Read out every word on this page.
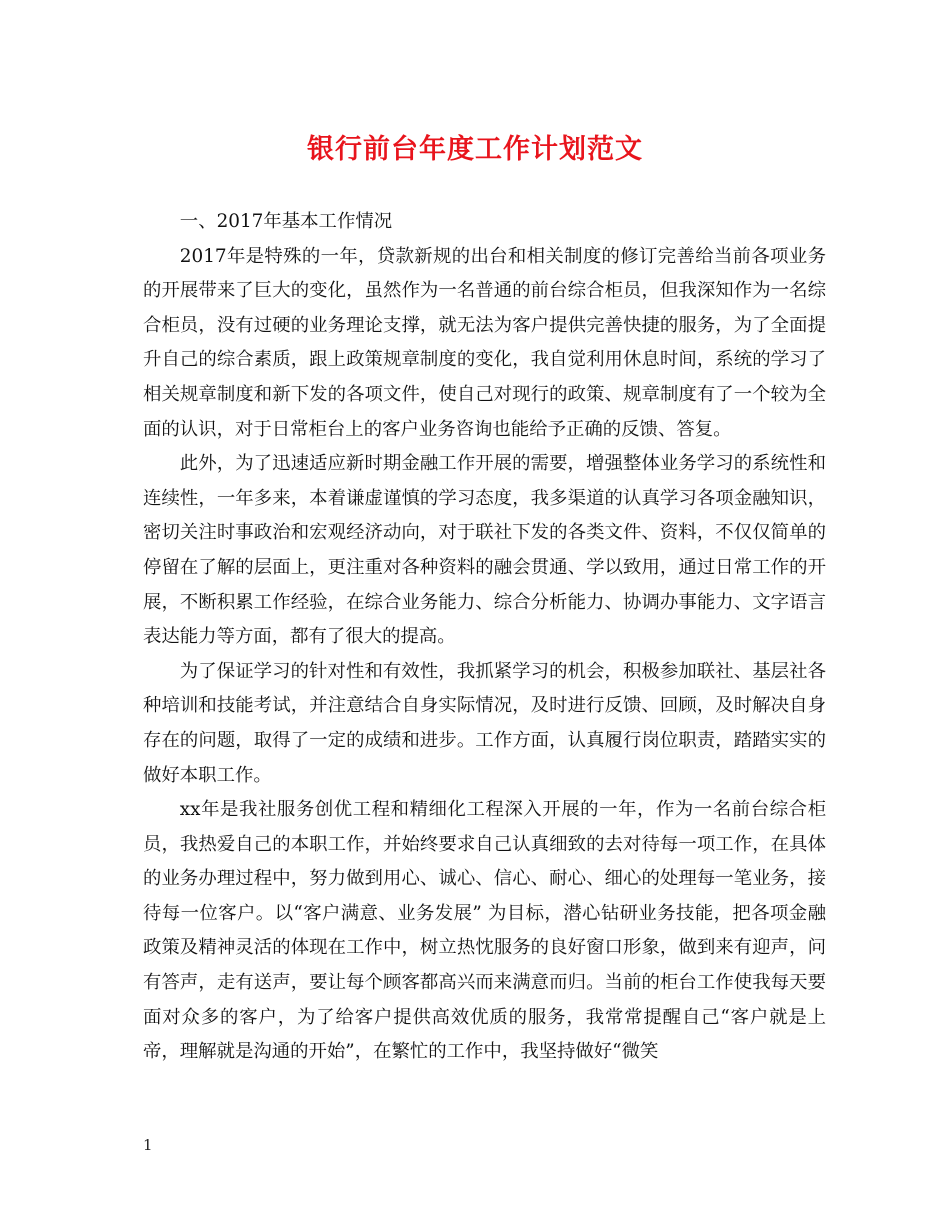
银行前台年度工作计划范文

一、2017年基本工作情况

2017年是特殊的一年，贷款新规的出台和相关制度的修订完善给当前各项业务的开展带来了巨大的变化，虽然作为一名普通的前台综合柜员，但我深知作为一名综合柜员，没有过硬的业务理论支撑，就无法为客户提供完善快捷的服务，为了全面提升自己的综合素质，跟上政策规章制度的变化，我自觉利用休息时间，系统的学习了相关规章制度和新下发的各项文件，使自己对现行的政策、规章制度有了一个较为全面的认识，对于日常柜台上的客户业务咨询也能给予正确的反馈、答复。

此外，为了迅速适应新时期金融工作开展的需要，增强整体业务学习的系统性和连续性，一年多来，本着谦虚谨慎的学习态度，我多渠道的认真学习各项金融知识，密切关注时事政治和宏观经济动向，对于联社下发的各类文件、资料，不仅仅简单的停留在了解的层面上，更注重对各种资料的融会贯通、学以致用，通过日常工作的开展，不断积累工作经验，在综合业务能力、综合分析能力、协调办事能力、文字语言表达能力等方面，都有了很大的提高。

为了保证学习的针对性和有效性，我抓紧学习的机会，积极参加联社、基层社各种培训和技能考试，并注意结合自身实际情况，及时进行反馈、回顾，及时解决自身存在的问题，取得了一定的成绩和进步。工作方面，认真履行岗位职责，踏踏实实的做好本职工作。

xx年是我社服务创优工程和精细化工程深入开展的一年，作为一名前台综合柜员，我热爱自己的本职工作，并始终要求自己认真细致的去对待每一项工作，在具体的业务办理过程中，努力做到用心、诚心、信心、耐心、细心的处理每一笔业务，接待每一位客户。以“客户满意、业务发展” 为目标，潜心钻研业务技能，把各项金融政策及精神灵活的体现在工作中，树立热忱服务的良好窗口形象，做到来有迎声，问有答声，走有送声，要让每个顾客都高兴而来满意而归。当前的柜台工作使我每天要面对众多的客户，为了给客户提供高效优质的服务，我常常提醒自己“客户就是上帝，理解就是沟通的开始”，在繁忙的工作中，我坚持做好“微笑

1
